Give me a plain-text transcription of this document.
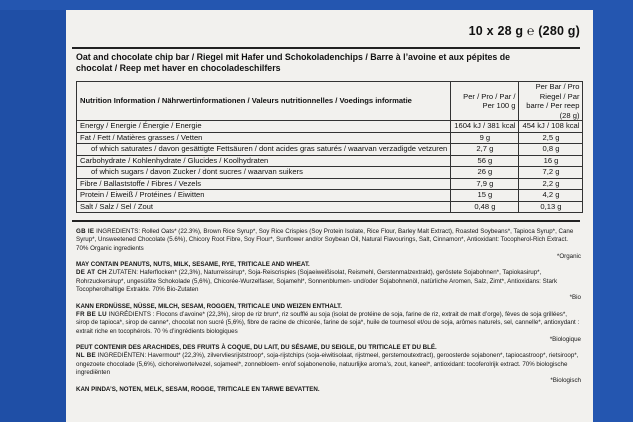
10 x 28 g ℮ (280 g)
Oat and chocolate chip bar / Riegel mit Hafer und Schokoladenchips / Barre à l’avoine et aux pépites de chocolat / Reep met haver en chocoladeschilfers
Nutrition Information / Nährwertinformationen / Valeurs nutritionnelles / Voedings informatie	Per / Pro / Par / Per 100 g	Per Bar / Pro Riegel / Par barre / Per reep (28 g)
Energy / Energie / Énergie / Energie	1604 kJ / 381 kcal	454 kJ / 108 kcal
Fat / Fett / Matières grasses / Vetten	9 g	2,5 g
of which saturates / davon gesättigte Fettsäuren / dont acides gras saturés / waarvan verzadigde vetzuren	2,7 g	0,8 g
Carbohydrate / Kohlenhydrate / Glucides / Koolhydraten	56 g	16 g
of which sugars / davon Zucker / dont sucres / waarvan suikers	26 g	7,2 g
Fibre / Ballaststoffe / Fibres / Vezels	7,9 g	2,2 g
Protein / Eiweiß / Protéines / Eiwitten	15 g	4,2 g
Salt / Salz / Sel / Zout	0,48 g	0,13 g

GB IE INGREDIENTS: Rolled Oats* (22.3%), Brown Rice Syrup*, Soy Rice Crispies (Soy Protein Isolate, Rice Flour, Barley Malt Extract), Roasted Soybeans*, Tapioca Syrup*, Cane Syrup*, Unsweetened Chocolate (5.6%), Chicory Root Fibre, Soy Flour*, Sunflower and/or Soybean Oil, Natural Flavourings, Salt, Cinnamon*, Antioxidant: Tocopherol-Rich Extract. 70% Organic ingredients

*Organic

MAY CONTAIN PEANUTS, NUTS, MILK, SESAME, RYE, TRITICALE AND WHEAT.

DE AT CH ZUTATEN: Haferflocken* (22,3%), Naturreissirup*, Soja-Reiscrispies (Sojaeiweißisolat, Reismehl, Gerstenmalzextrakt), geröstete Sojabohnen*, Tapiokasirup*, Rohrzuckersirup*, ungesüßte Schokolade (5,6%), Chicorée-Wurzelfaser, Sojamehl*, Sonnenblumen- und/oder Sojabohnenöl, natürliche Aromen, Salz, Zimt*, Antioxidans: Stark Tocopherolhaltige Extrakte. 70% Bio-Zutaten

*Bio

KANN ERDNÜSSE, NÜSSE, MILCH, SESAM, ROGGEN, TRITICALE UND WEIZEN ENTHALT.

FR BE LU INGRÉDIENTS : Flocons d’avoine* (22,3%), sirop de riz brun*, riz soufflé au soja (isolat de protéine de soja, farine de riz, extrait de malt d’orge), fèves de soja grillées*, sirop de tapioca*, sirop de canne*, chocolat non sucré (5,6%), fibre de racine de chicorée, farine de soja*, huile de tournesol et/ou de soja, arômes naturels, sel, cannelle*, antioxydant : extrait riche en tocophérols. 70 % d’ingrédients biologiques

*Biologique

PEUT CONTENIR DES ARACHIDES, DES FRUITS À COQUE, DU LAIT, DU SÉSAME, DU SEIGLE, DU TRITICALE ET DU BLÉ.

NL BE INGREDIËNTEN: Havermout* (22,3%), zilvervliesrijststroop*, soja-rijstchips (soja-eiwitisolaat, rijstmeel, gerstemoutextract), geroosterde sojabonen*, tapiocastroop*, rietsiroop*, ongezoete chocolade (5,6%), cichoreiwortelvezel, sojameel*, zonnebloem- en/of sojabonenolie, natuurlijke aroma’s, zout, kaneel*, antioxidant: tocoferolrijk extract. 70% biologische ingrediënten

*Biologisch

KAN PINDA’S, NOTEN, MELK, SESAM, ROGGE, TRITICALE EN TARWE BEVATTEN.
